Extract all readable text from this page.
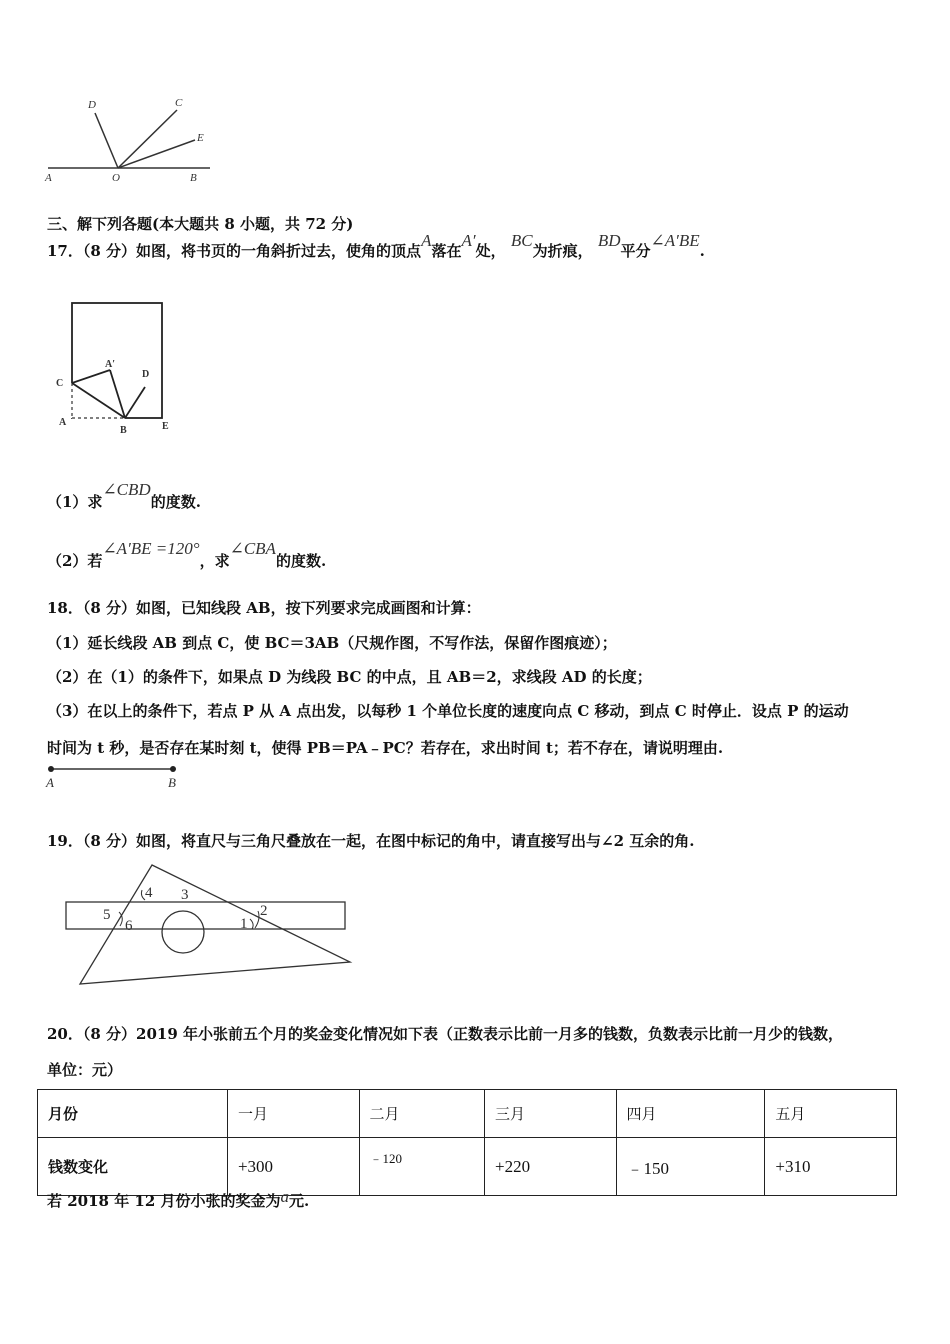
D	C
E
A	O	B
三、解下列各题(本大题共 8 小题，共 72 分)
17．（8 分）如图，将书页的一角斜折过去，使角的顶点A落在A′处， BC为折痕， BD平分∠A′BE.
A′
D
C
A
B	E
（1）求∠CBD的度数.
（2）若∠A′BE =120°，求∠CBA的度数.
18．（8 分）如图，已知线段 AB，按下列要求完成画图和计算：
（1）延长线段 AB 到点 C，使 BC＝3AB（尺规作图，不写作法，保留作图痕迹）；
（2）在（1）的条件下，如果点 D 为线段 BC 的中点，且 AB＝2，求线段 AD 的长度；
（3）在以上的条件下，若点 P 从 A 点出发，以每秒 1 个单位长度的速度向点 C 移动，到点 C 时停止．设点 P 的运动
时间为 t 秒，是否存在某时刻 t，使得 PB＝PA﹣PC？若存在，求出时间 t；若不存在，请说明理由.
A	B
19．（8 分）如图，将直尺与三角尺叠放在一起，在图中标记的角中，请直接写出与∠2 互余的角.
4 3
5
6
2
1
20．（8 分）2019 年小张前五个月的奖金变化情况如下表（正数表示比前一月多的钱数，负数表示比前一月少的钱数，
单位：元）
月份	一月	二月	三月	四月	五月
钱数变化	+300	﹣120	+220	﹣150	+310
若 2018 年 12 月份小张的奖金为a元.
